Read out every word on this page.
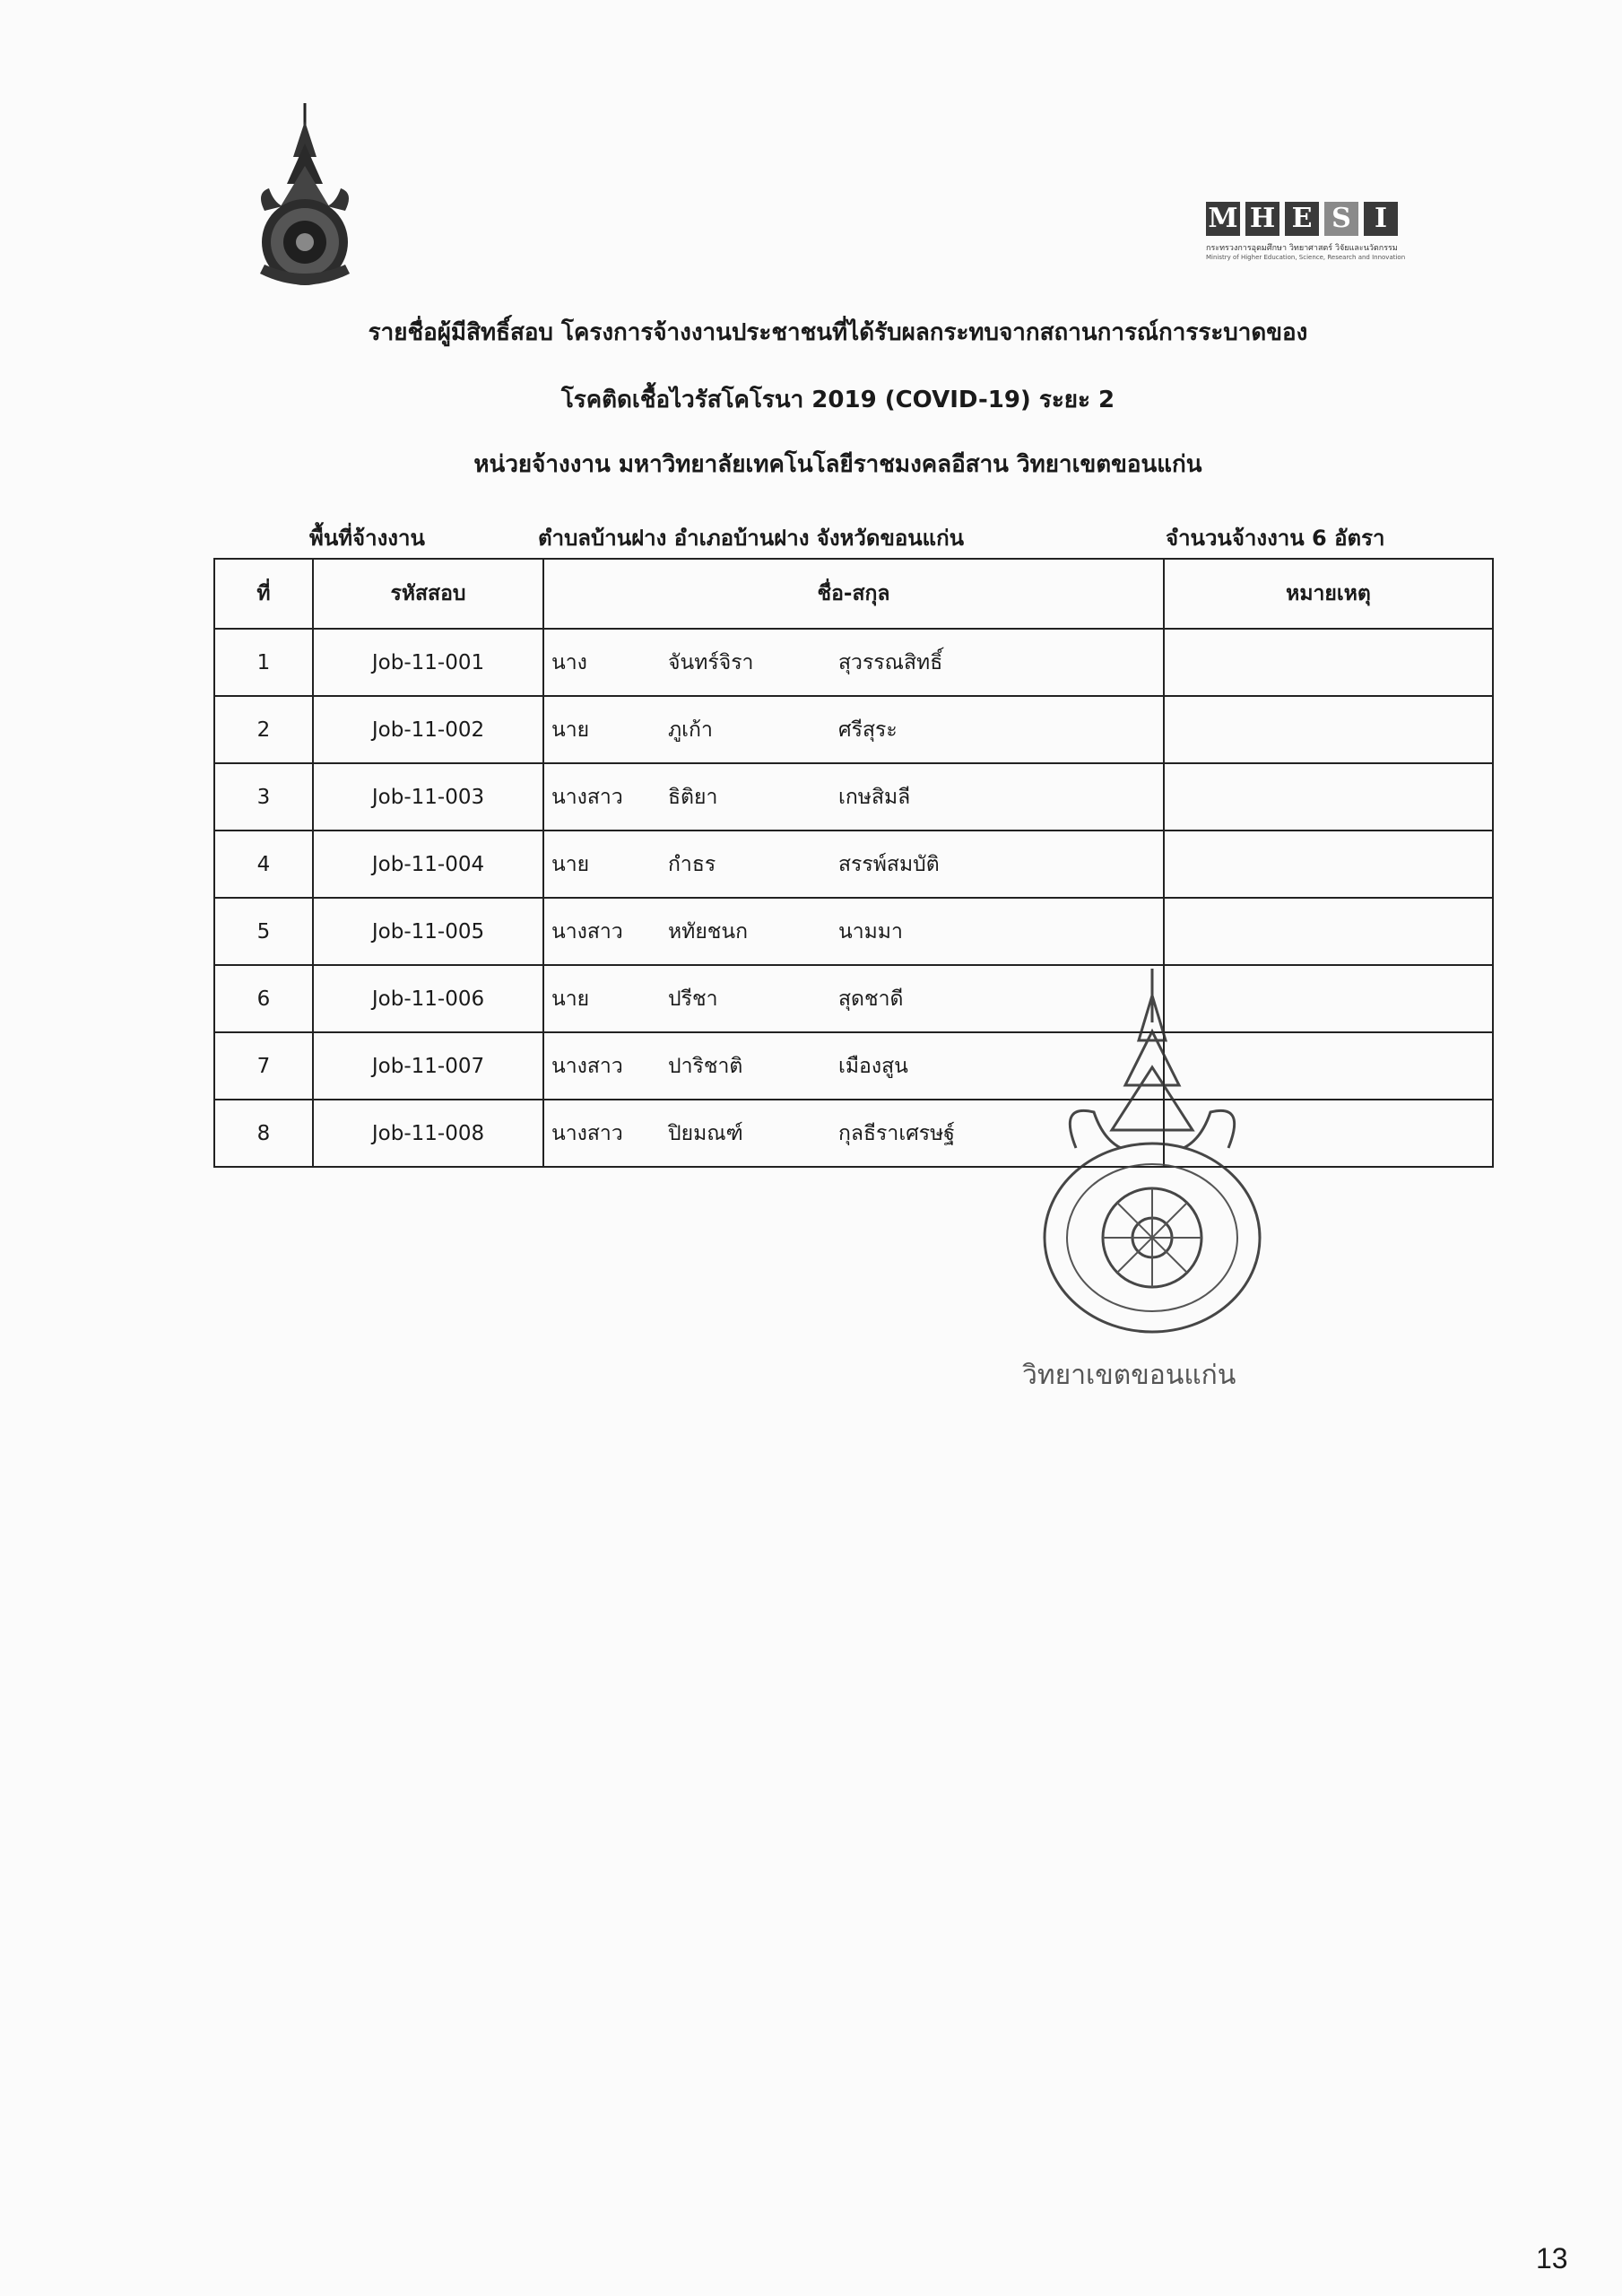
M H E S I
กระทรวงการอุดมศึกษา วิทยาศาสตร์ วิจัยและนวัตกรรม
Ministry of Higher Education, Science, Research and Innovation
รายชื่อผู้มีสิทธิ์สอบ โครงการจ้างงานประชาชนที่ได้รับผลกระทบจากสถานการณ์การระบาดของ
โรคติดเชื้อไวรัสโคโรนา 2019 (COVID-19) ระยะ 2
หน่วยจ้างงาน มหาวิทยาลัยเทคโนโลยีราชมงคลอีสาน วิทยาเขตขอนแก่น
พื้นที่จ้างงาน	ตำบลบ้านฝาง อำเภอบ้านฝาง จังหวัดขอนแก่น	จำนวนจ้างงาน 6 อัตรา
ที่	รหัสสอบ	ชื่อ-สกุล	หมายเหตุ
1	Job-11-001	นาง จันทร์จิรา สุวรรณสิทธิ์	

2	Job-11-002	นาย ภูเก้า ศรีสุระ	

3	Job-11-003	นางสาว ธิติยา เกษสิมลี	

4	Job-11-004	นาย กำธร สรรพ์สมบัติ	

5	Job-11-005	นางสาว หทัยชนก นามมา	

6	Job-11-006	นาย ปรีชา สุดชาดี	

7	Job-11-007	นางสาว ปาริชาติ เมืองสูน	

8	Job-11-008	นางสาว ปิยมณฑ์ กุลธีราเศรษฐ์	

วิทยาเขตขอนแก่น
13
